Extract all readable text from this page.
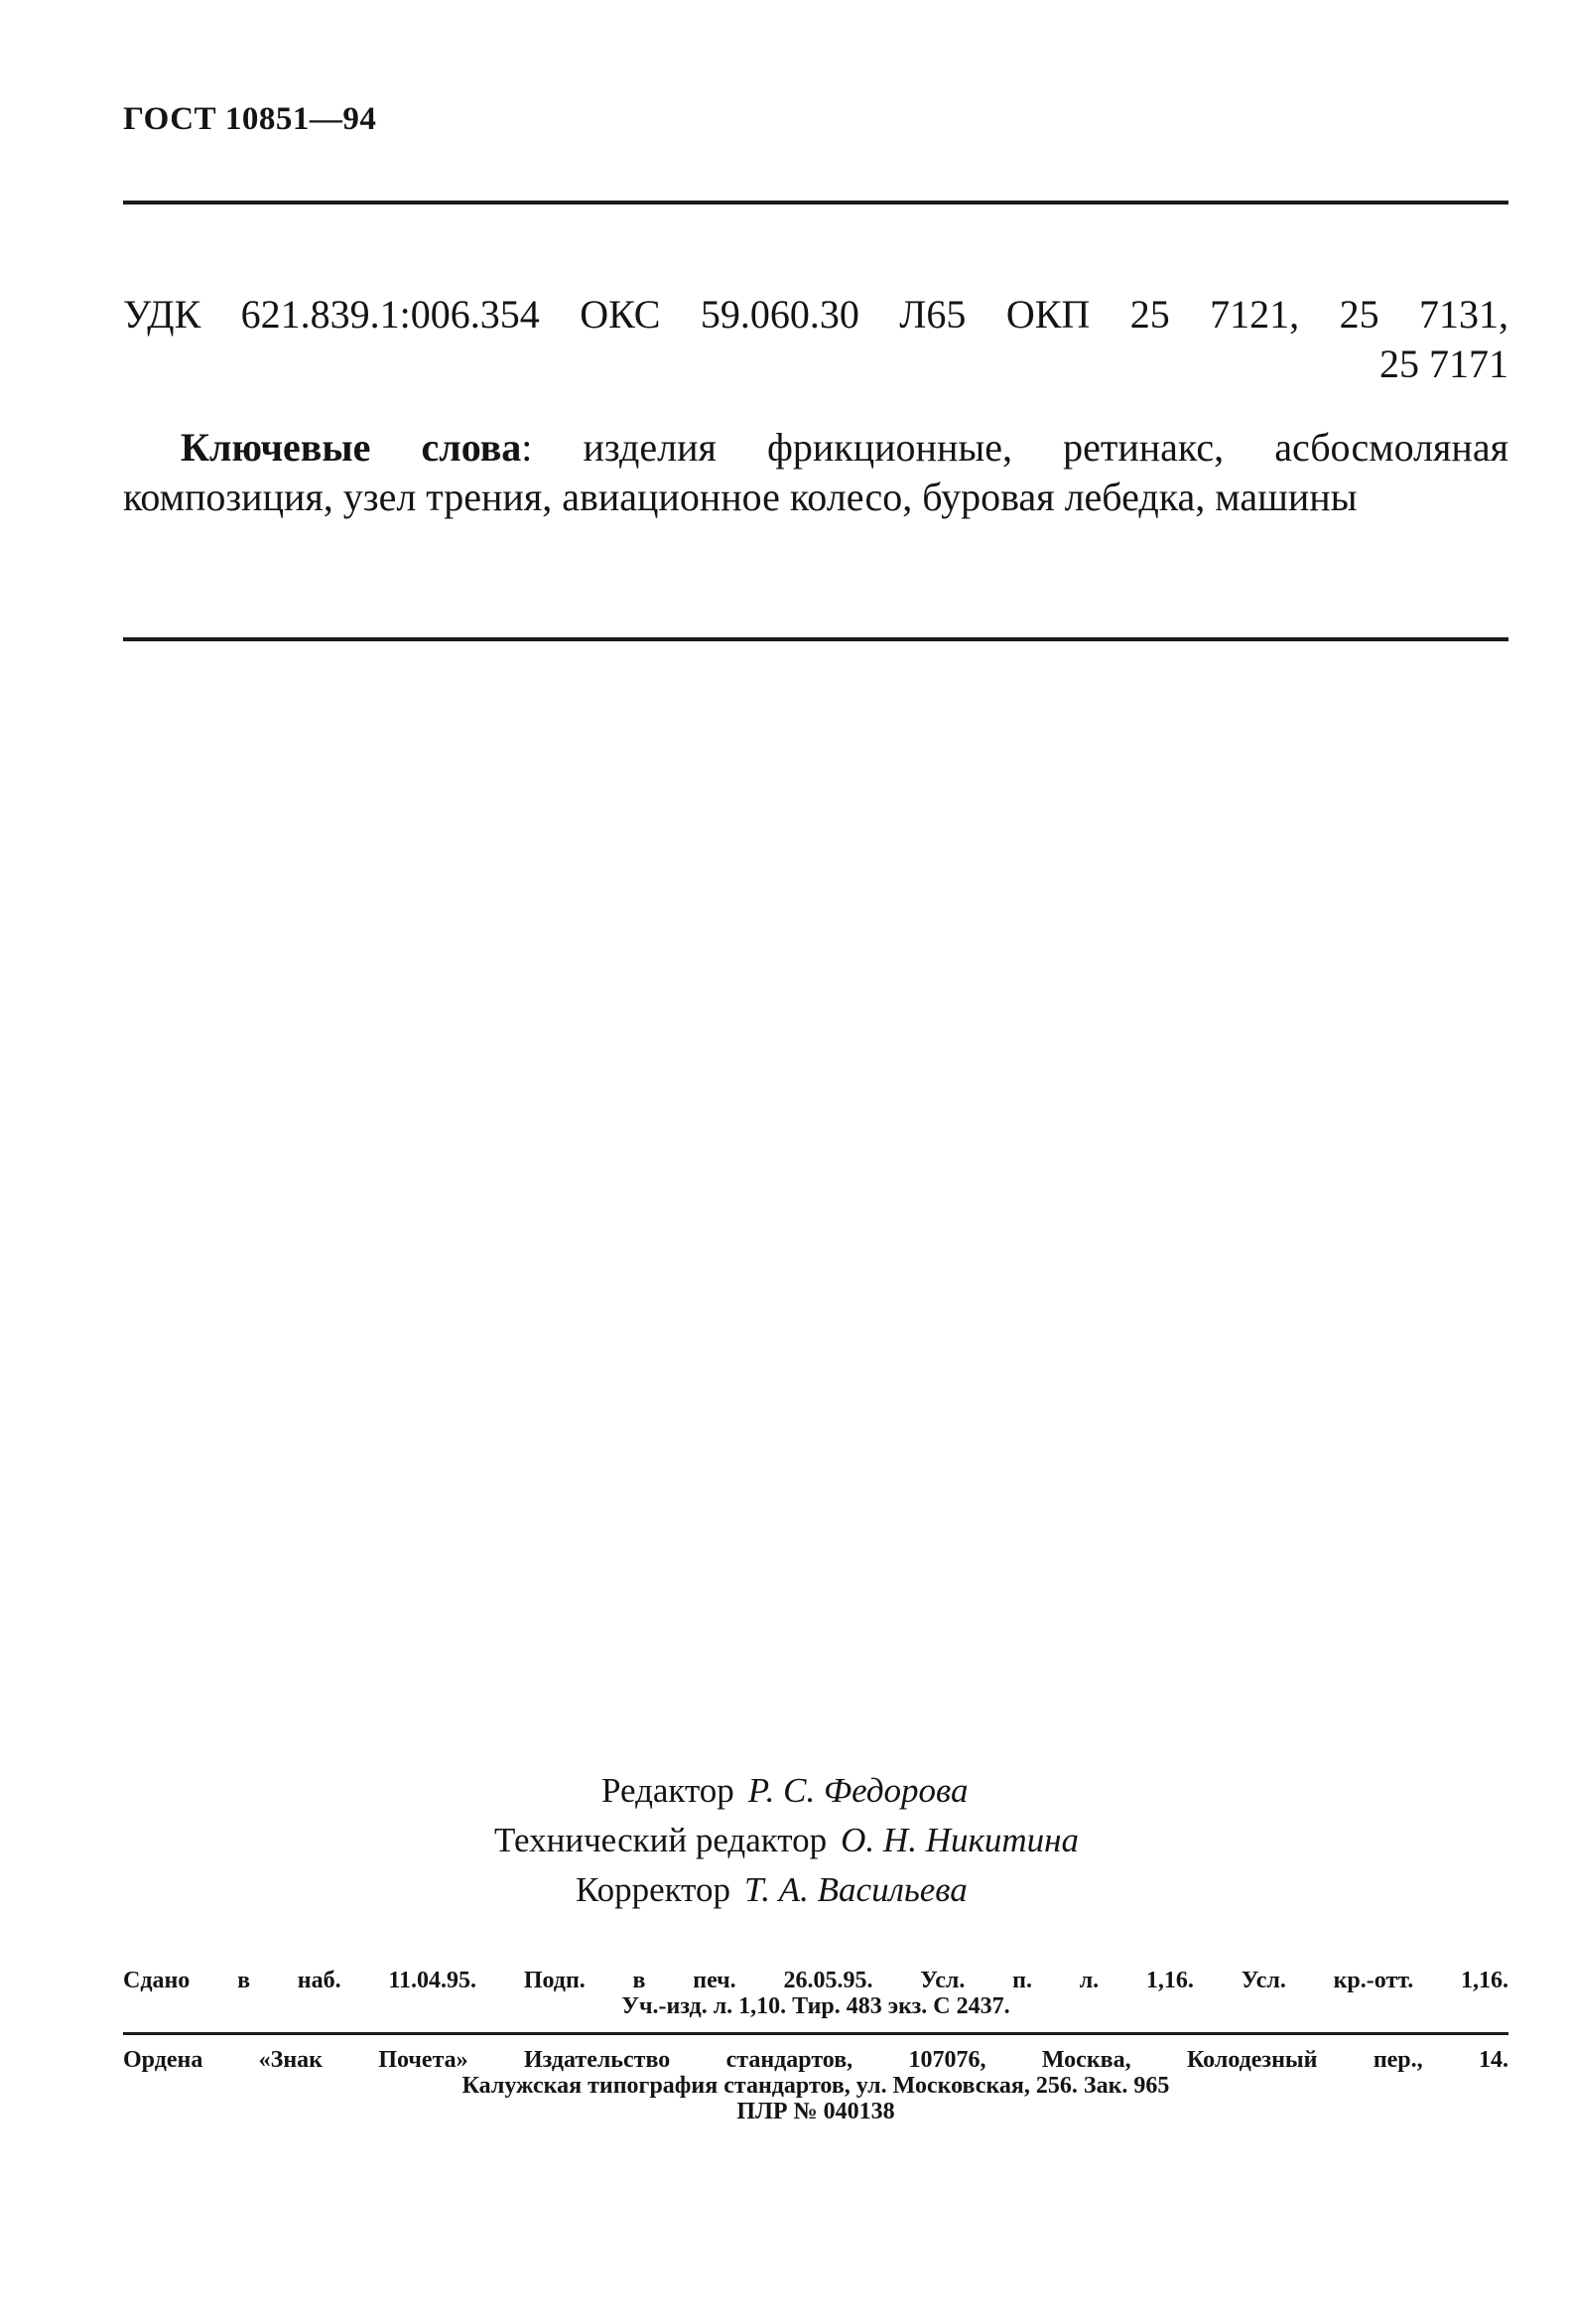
ГОСТ 10851—94
УДК 621.839.1:006.354 ОКС 59.060.30 Л65 ОКП 25 7121, 25 7131,
25 7171
Ключевые слова: изделия фрикционные, ретинакс, асбосмоляная композиция, узел трения, авиационное колесо, буровая лебедка, машины
Редактор Р. С. Федорова
Технический редактор О. Н. Никитина
Корректор Т. А. Васильева
Сдано в наб. 11.04.95. Подп. в печ. 26.05.95. Усл. п. л. 1,16. Усл. кр.-отт. 1,16.
Уч.-изд. л. 1,10. Тир. 483 экз. С 2437.
Ордена «Знак Почета» Издательство стандартов, 107076, Москва, Колодезный пер., 14.
Калужская типография стандартов, ул. Московская, 256. Зак. 965
ПЛР № 040138
